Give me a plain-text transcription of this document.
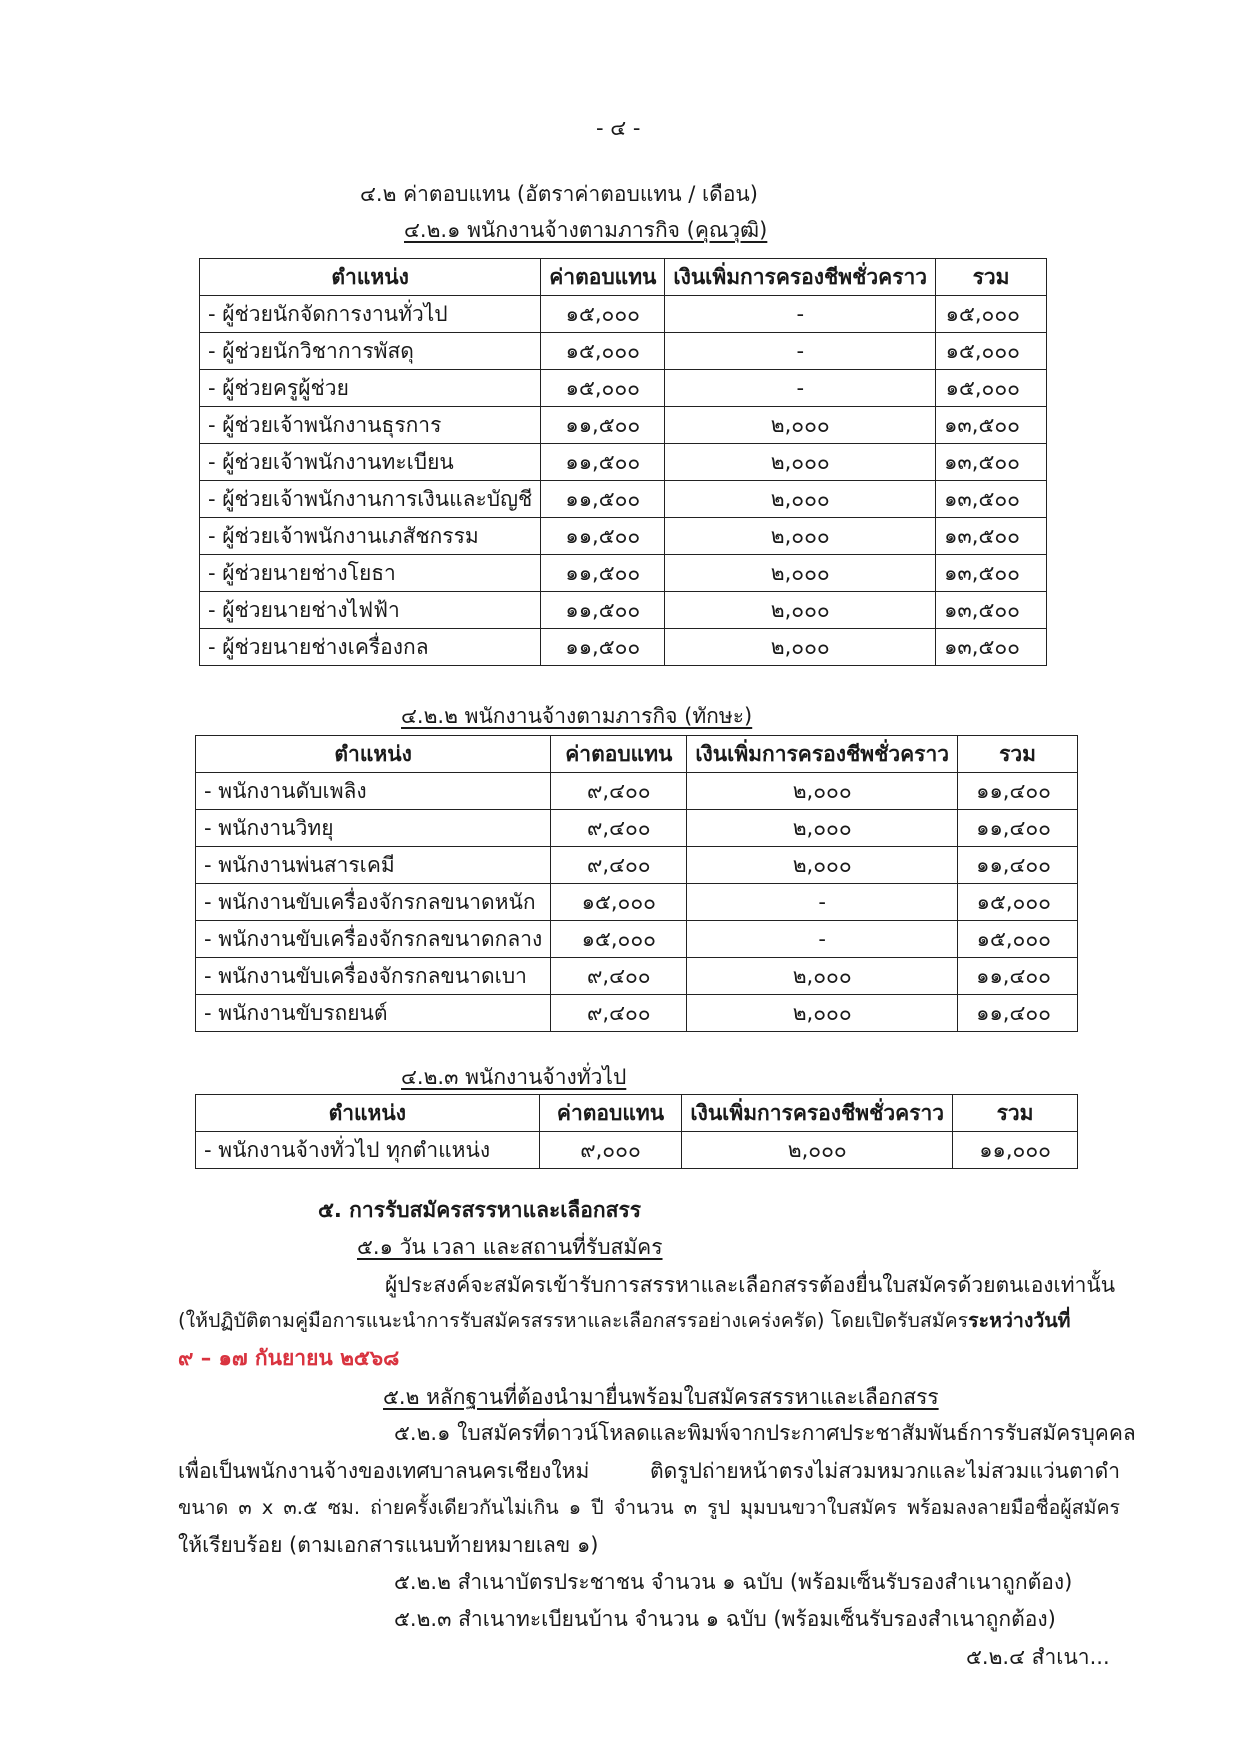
- ๔ -
๔.๒ ค่าตอบแทน (อัตราค่าตอบแทน / เดือน)
๔.๒.๑ พนักงานจ้างตามภารกิจ (คุณวุฒิ)
ตำแหน่ง	ค่าตอบแทน	เงินเพิ่มการครองชีพชั่วคราว	รวม
- ผู้ช่วยนักจัดการงานทั่วไป	๑๕,๐๐๐	-	๑๕,๐๐๐
- ผู้ช่วยนักวิชาการพัสดุ	๑๕,๐๐๐	-	๑๕,๐๐๐
- ผู้ช่วยครูผู้ช่วย	๑๕,๐๐๐	-	๑๕,๐๐๐
- ผู้ช่วยเจ้าพนักงานธุรการ	๑๑,๕๐๐	๒,๐๐๐	๑๓,๕๐๐
- ผู้ช่วยเจ้าพนักงานทะเบียน	๑๑,๕๐๐	๒,๐๐๐	๑๓,๕๐๐
- ผู้ช่วยเจ้าพนักงานการเงินและบัญชี	๑๑,๕๐๐	๒,๐๐๐	๑๓,๕๐๐
- ผู้ช่วยเจ้าพนักงานเภสัชกรรม	๑๑,๕๐๐	๒,๐๐๐	๑๓,๕๐๐
- ผู้ช่วยนายช่างโยธา	๑๑,๕๐๐	๒,๐๐๐	๑๓,๕๐๐
- ผู้ช่วยนายช่างไฟฟ้า	๑๑,๕๐๐	๒,๐๐๐	๑๓,๕๐๐
- ผู้ช่วยนายช่างเครื่องกล	๑๑,๕๐๐	๒,๐๐๐	๑๓,๕๐๐
๔.๒.๒ พนักงานจ้างตามภารกิจ (ทักษะ)
ตำแหน่ง	ค่าตอบแทน	เงินเพิ่มการครองชีพชั่วคราว	รวม
- พนักงานดับเพลิง	๙,๔๐๐	๒,๐๐๐	๑๑,๔๐๐
- พนักงานวิทยุ	๙,๔๐๐	๒,๐๐๐	๑๑,๔๐๐
- พนักงานพ่นสารเคมี	๙,๔๐๐	๒,๐๐๐	๑๑,๔๐๐
- พนักงานขับเครื่องจักรกลขนาดหนัก	๑๕,๐๐๐	-	๑๕,๐๐๐
- พนักงานขับเครื่องจักรกลขนาดกลาง	๑๕,๐๐๐	-	๑๕,๐๐๐
- พนักงานขับเครื่องจักรกลขนาดเบา	๙,๔๐๐	๒,๐๐๐	๑๑,๔๐๐
- พนักงานขับรถยนต์	๙,๔๐๐	๒,๐๐๐	๑๑,๔๐๐
๔.๒.๓ พนักงานจ้างทั่วไป
ตำแหน่ง	ค่าตอบแทน	เงินเพิ่มการครองชีพชั่วคราว	รวม
- พนักงานจ้างทั่วไป ทุกตำแหน่ง	๙,๐๐๐	๒,๐๐๐	๑๑,๐๐๐
๕. การรับสมัครสรรหาและเลือกสรร
๕.๑ วัน เวลา และสถานที่รับสมัคร
ผู้ประสงค์จะสมัครเข้ารับการสรรหาและเลือกสรรต้องยื่นใบสมัครด้วยตนเองเท่านั้น
(ให้ปฏิบัติตามคู่มือการแนะนำการรับสมัครสรรหาและเลือกสรรอย่างเคร่งครัด) โดยเปิดรับสมัครระหว่างวันที่
๙ – ๑๗ กันยายน ๒๕๖๘
๕.๒ หลักฐานที่ต้องนำมายื่นพร้อมใบสมัครสรรหาและเลือกสรร
๕.๒.๑ ใบสมัครที่ดาวน์โหลดและพิมพ์จากประกาศประชาสัมพันธ์การรับสมัครบุคคล
เพื่อเป็นพนักงานจ้างของเทศบาลนครเชียงใหม่ ติดรูปถ่ายหน้าตรงไม่สวมหมวกและไม่สวมแว่นตาดำ
ขนาด ๓ x ๓.๕ ซม. ถ่ายครั้งเดียวกันไม่เกิน ๑ ปี จำนวน ๓ รูป มุมบนขวาใบสมัคร พร้อมลงลายมือชื่อผู้สมัคร
ให้เรียบร้อย (ตามเอกสารแนบท้ายหมายเลข ๑)
๕.๒.๒ สำเนาบัตรประชาชน จำนวน ๑ ฉบับ (พร้อมเซ็นรับรองสำเนาถูกต้อง)
๕.๒.๓ สำเนาทะเบียนบ้าน จำนวน ๑ ฉบับ (พร้อมเซ็นรับรองสำเนาถูกต้อง)
๕.๒.๔ สำเนา...
